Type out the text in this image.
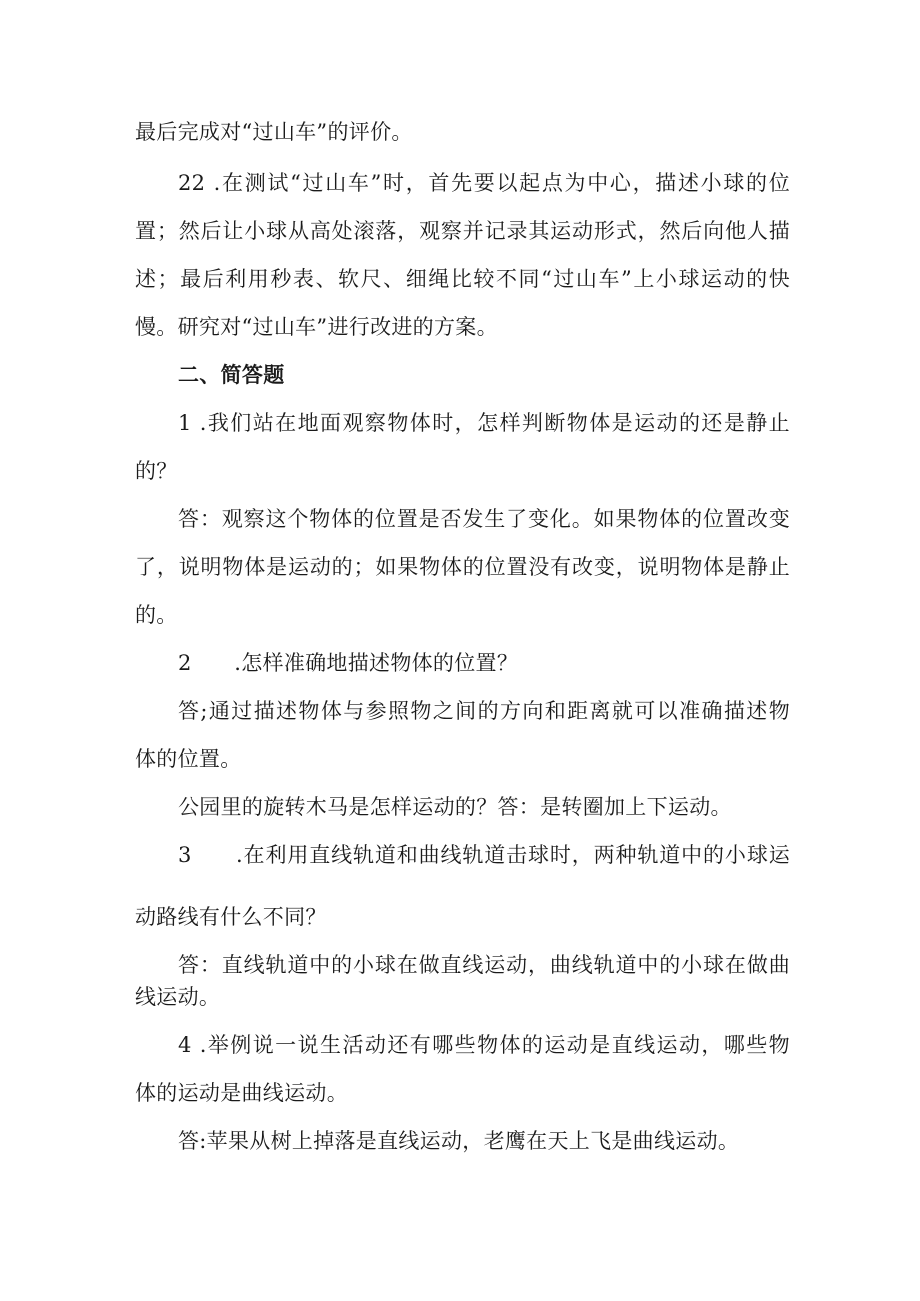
最后完成对“过山车”的评价。
22 .在测试“过山车”时，首先要以起点为中心，描述小球的位
置；然后让小球从高处滚落，观察并记录其运动形式，然后向他人描
述；最后利用秒表、软尺、细绳比较不同“过山车”上小球运动的快
慢。研究对“过山车”进行改进的方案。
二、简答题
1 .我们站在地面观察物体时，怎样判断物体是运动的还是静止
的？
答：观察这个物体的位置是否发生了变化。如果物体的位置改变
了，说明物体是运动的；如果物体的位置没有改变，说明物体是静止
的。
2　　.怎样准确地描述物体的位置？
答;通过描述物体与参照物之间的方向和距离就可以准确描述物
体的位置。
公园里的旋转木马是怎样运动的？答：是转圈加上下运动。
3　　.在利用直线轨道和曲线轨道击球时，两种轨道中的小球运
动路线有什么不同？
答：直线轨道中的小球在做直线运动，曲线轨道中的小球在做曲
线运动。
4 .举例说一说生活动还有哪些物体的运动是直线运动，哪些物
体的运动是曲线运动。
答:苹果从树上掉落是直线运动，老鹰在天上飞是曲线运动。
